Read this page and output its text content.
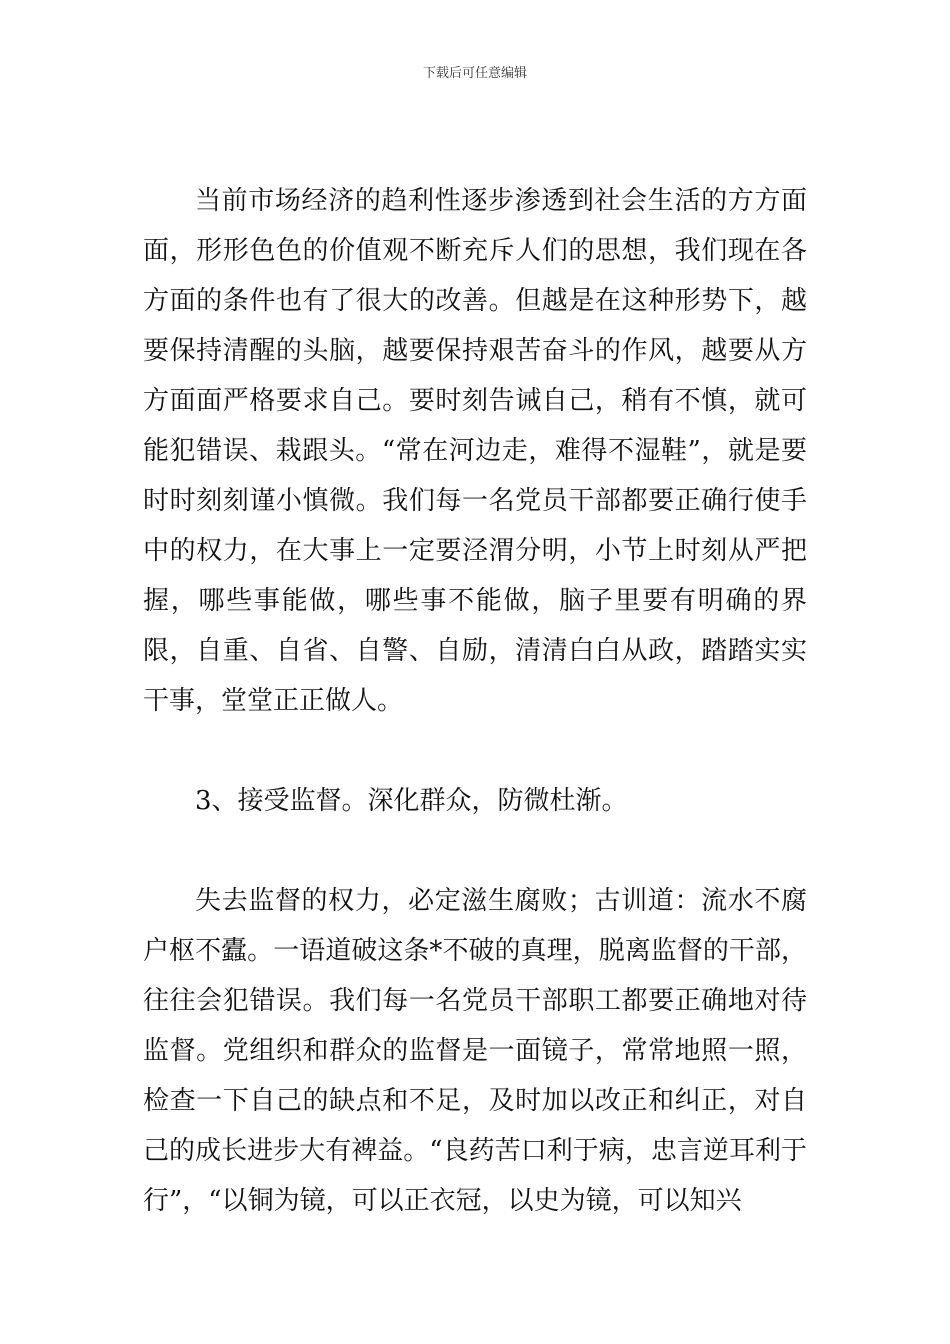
下载后可任意编辑

当前市场经济的趋利性逐步渗透到社会生活的方方面面，形形色色的价值观不断充斥人们的思想，我们现在各方面的条件也有了很大的改善。但越是在这种形势下，越要保持清醒的头脑，越要保持艰苦奋斗的作风，越要从方方面面严格要求自己。要时刻告诫自己，稍有不慎，就可能犯错误、栽跟头。“常在河边走，难得不湿鞋”，就是要时时刻刻谨小慎微。我们每一名党员干部都要正确行使手中的权力，在大事上一定要泾渭分明，小节上时刻从严把握，哪些事能做，哪些事不能做，脑子里要有明确的界限，自重、自省、自警、自励，清清白白从政，踏踏实实干事，堂堂正正做人。

3、接受监督。深化群众，防微杜渐。

失去监督的权力，必定滋生腐败；古训道：流水不腐户枢不蠹。一语道破这条*不破的真理，脱离监督的干部，往往会犯错误。我们每一名党员干部职工都要正确地对待监督。党组织和群众的监督是一面镜子，常常地照一照，检查一下自己的缺点和不足，及时加以改正和纠正，对自己的成长进步大有裨益。“良药苦口利于病，忠言逆耳利于行”，“以铜为镜，可以正衣冠，以史为镜，可以知兴
